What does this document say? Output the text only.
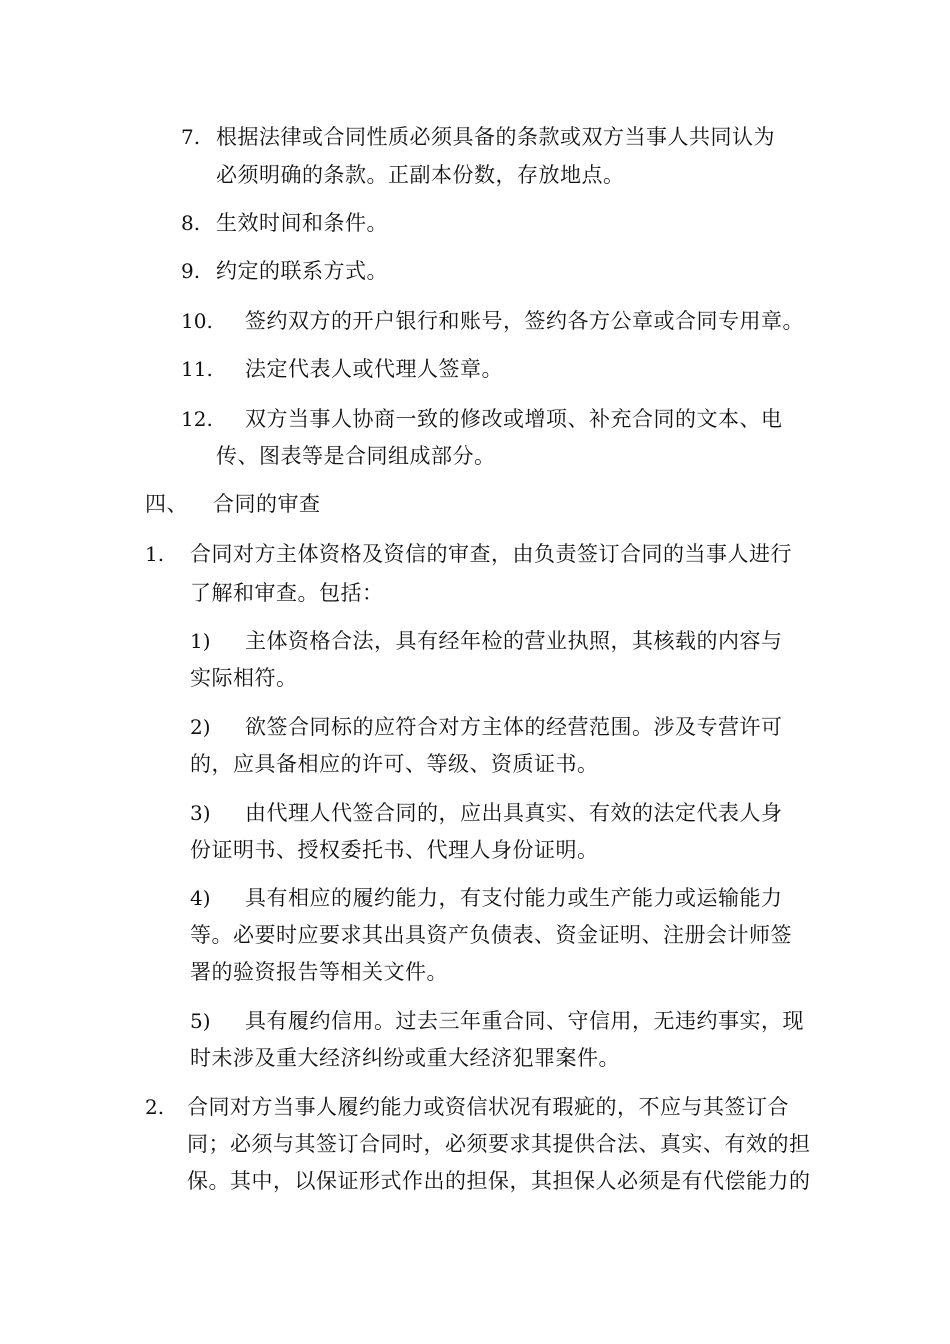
7. 根据法律或合同性质必须具备的条款或双方当事人共同认为
必须明确的条款。正副本份数，存放地点。
8. 生效时间和条件。
9. 约定的联系方式。
10. 签约双方的开户银行和账号，签约各方公章或合同专用章。
11. 法定代表人或代理人签章。
12. 双方当事人协商一致的修改或增项、补充合同的文本、电
传、图表等是合同组成部分。
四、 合同的审查
1. 合同对方主体资格及资信的审查，由负责签订合同的当事人进行
了解和审查。包括：
1) 主体资格合法，具有经年检的营业执照，其核载的内容与
实际相符。
2) 欲签合同标的应符合对方主体的经营范围。涉及专营许可
的，应具备相应的许可、等级、资质证书。
3) 由代理人代签合同的，应出具真实、有效的法定代表人身
份证明书、授权委托书、代理人身份证明。
4) 具有相应的履约能力，有支付能力或生产能力或运输能力
等。必要时应要求其出具资产负债表、资金证明、注册会计师签
署的验资报告等相关文件。
5) 具有履约信用。过去三年重合同、守信用，无违约事实，现
时未涉及重大经济纠纷或重大经济犯罪案件。
2. 合同对方当事人履约能力或资信状况有瑕疵的，不应与其签订合
同；必须与其签订合同时，必须要求其提供合法、真实、有效的担
保。其中，以保证形式作出的担保，其担保人必须是有代偿能力的
